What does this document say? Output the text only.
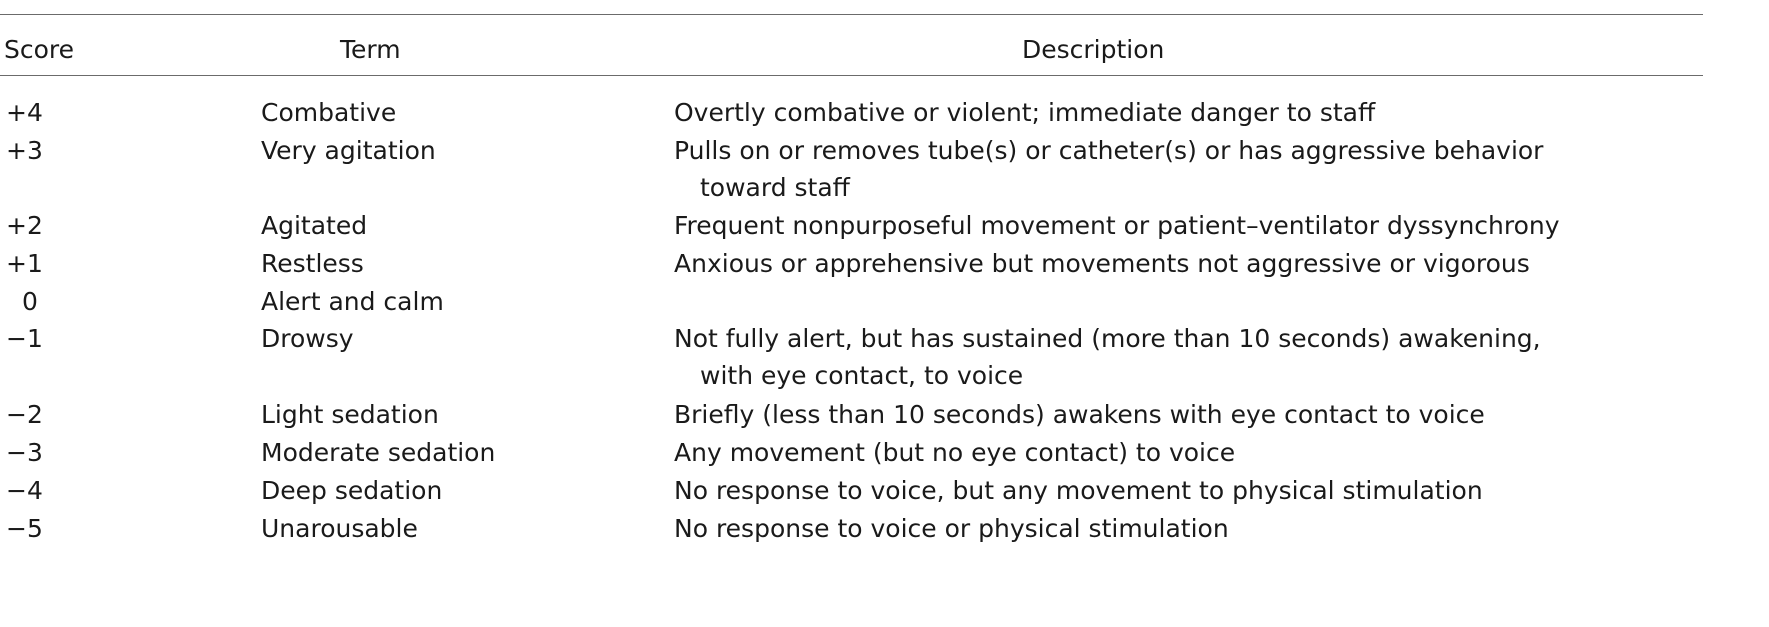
Score	Term	Description
+4	Combative	Overtly combative or violent; immediate danger to staff
+3	Very agitation	Pulls on or removes tube(s) or catheter(s) or has aggressive behavior
toward staff
+2	Agitated	Frequent nonpurposeful movement or patient–ventilator dyssynchrony
+1	Restless	Anxious or apprehensive but movements not aggressive or vigorous
0	Alert and calm
−1	Drowsy	Not fully alert, but has sustained (more than 10 seconds) awakening,
with eye contact, to voice
−2	Light sedation	Briefly (less than 10 seconds) awakens with eye contact to voice
−3	Moderate sedation	Any movement (but no eye contact) to voice
−4	Deep sedation	No response to voice, but any movement to physical stimulation
−5	Unarousable	No response to voice or physical stimulation
